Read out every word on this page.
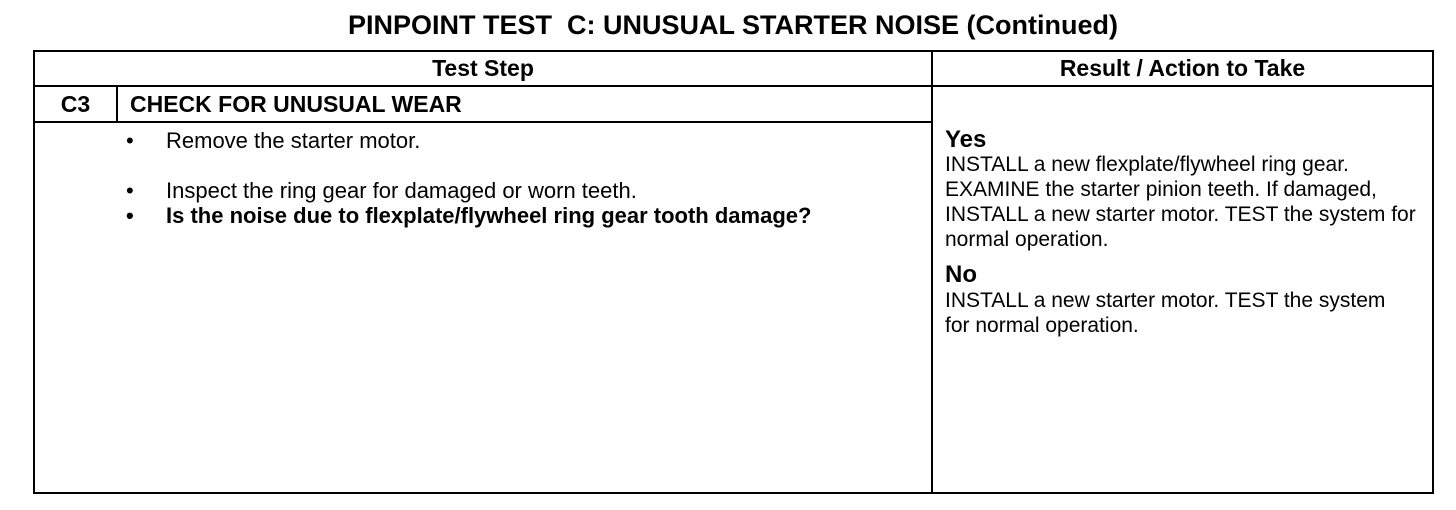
PINPOINT TEST  C: UNUSUAL STARTER NOISE (Continued)
Test Step	Result / Action to Take
C3	CHECK FOR UNUSUAL WEAR
• Remove the starter motor.
• Inspect the ring gear for damaged or worn teeth.
• Is the noise due to flexplate/flywheel ring gear tooth damage?
Yes
INSTALL a new flexplate/flywheel ring gear. EXAMINE the starter pinion teeth. If damaged, INSTALL a new starter motor. TEST the system for normal operation.
No
INSTALL a new starter motor. TEST the system for normal operation.
